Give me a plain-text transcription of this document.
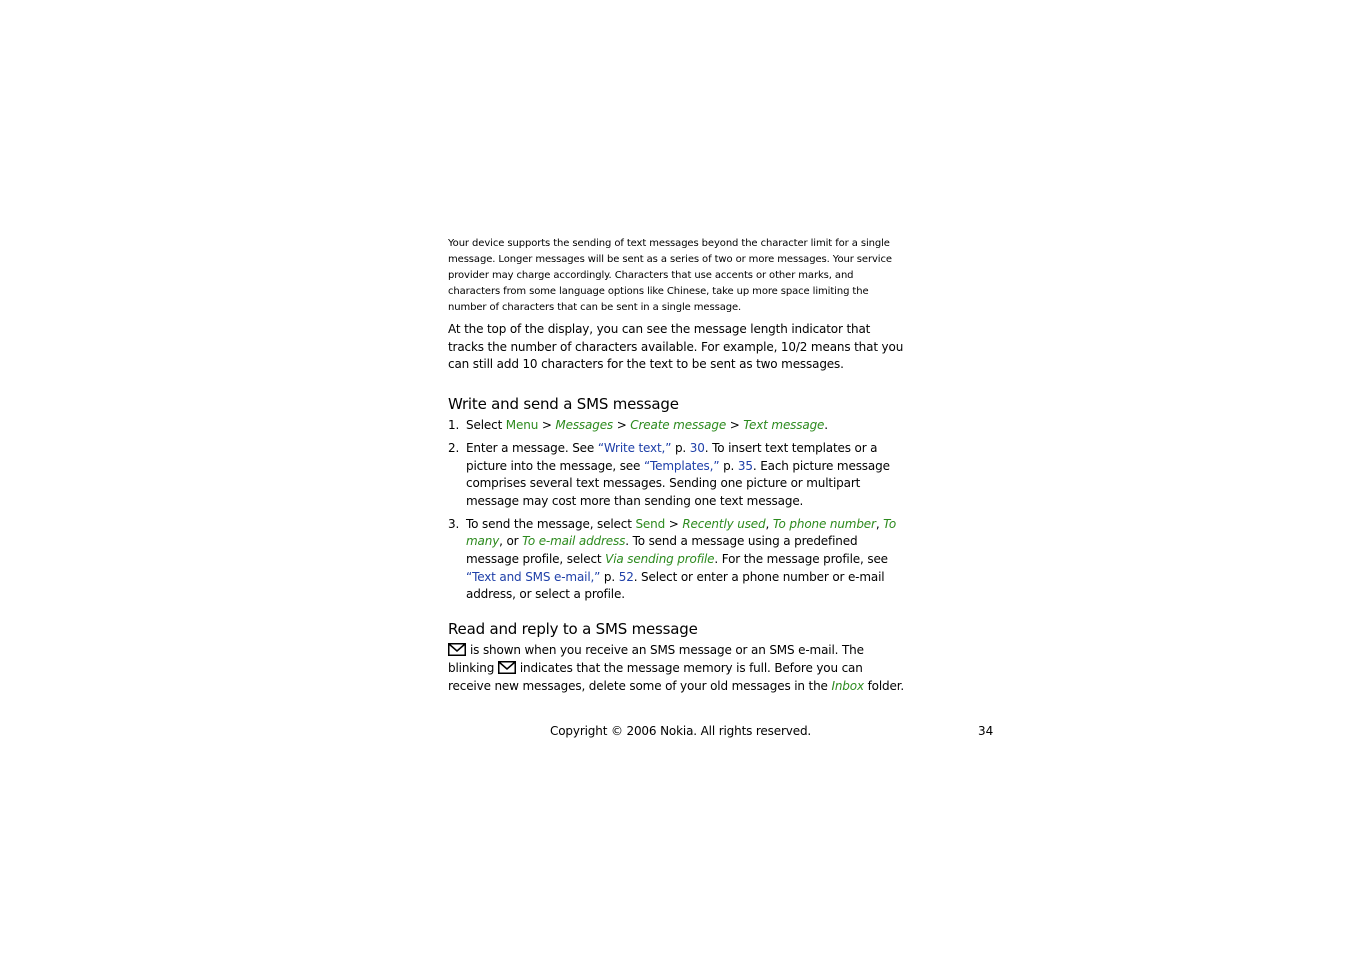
Your device supports the sending of text messages beyond the character limit for a single message. Longer messages will be sent as a series of two or more messages. Your service provider may charge accordingly. Characters that use accents or other marks, and characters from some language options like Chinese, take up more space limiting the number of characters that can be sent in a single message.

At the top of the display, you can see the message length indicator that tracks the number of characters available. For example, 10/2 means that you can still add 10 characters for the text to be sent as two messages.

Write and send a SMS message
1. Select Menu > Messages > Create message > Text message.
2. Enter a message. See “Write text,” p. 30. To insert text templates or a picture into the message, see “Templates,” p. 35. Each picture message comprises several text messages. Sending one picture or multipart message may cost more than sending one text message.
3. To send the message, select Send > Recently used, To phone number, To many, or To e-mail address. To send a message using a predefined message profile, select Via sending profile. For the message profile, see “Text and SMS e-mail,” p. 52. Select or enter a phone number or e-mail address, or select a profile.
Read and reply to a SMS message

is shown when you receive an SMS message or an SMS e-mail. The blinking indicates that the message memory is full. Before you can receive new messages, delete some of your old messages in the Inbox folder.

Copyright © 2006 Nokia. All rights reserved.	34
